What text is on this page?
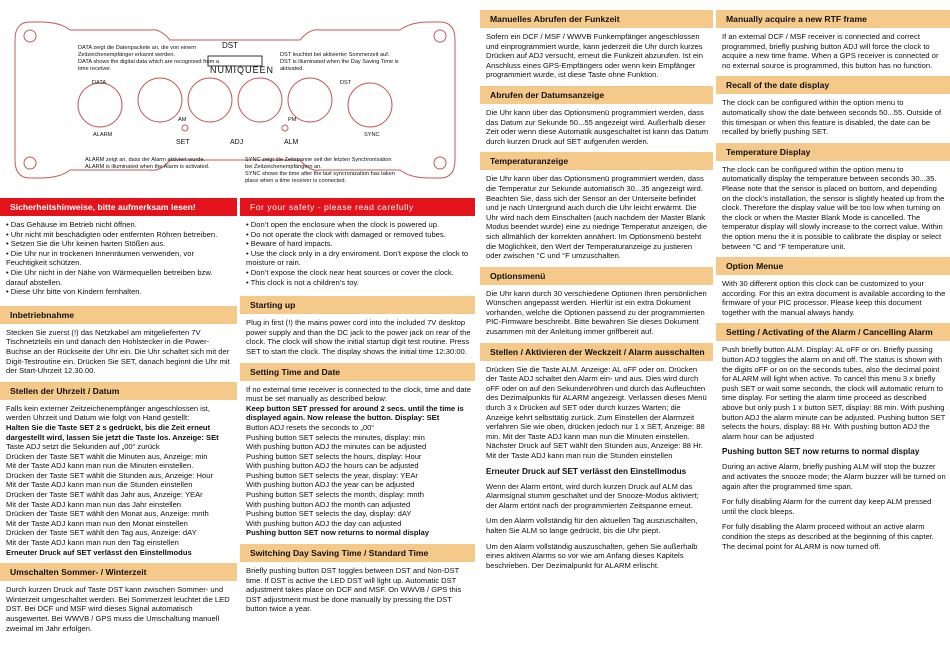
DST
NUMIQUEEN
DATA	DST
ALARM
AM	PM
SYNC
SET	ADJ	ALM
DATA zeigt die Datenpackete an, die von einem Zeitzeichenempfänger erkannt werden.
DATA shows the digital data which are recognised from a time receiver.
DST leuchtet bei aktivierter Sommerzeit auf.
DST is illuminated when the Day Saving Time is aktivated.
ALARM zeigt an, dass der Alarm aktiviert wurde.
ALARM is illuminated when the Alarm is activated.
SYNC zeigt die Zeitspanne seit der letzten Synchronisation bei Zeitzeichenempfängern an.
SYNC shows the time after the last syncronization has taken place when a time receiver is connected.
Sicherheitshinweise, bitte aufmerksam lesen!
• Das Gehäuse im Betrieb nicht öffnen.
• Uhr nicht mit beschädigten oder entfernten Röhren betreiben.
• Setzen Sie die Uhr keinen harten Stößen aus.
• Die Uhr nur in trockenen Innenräumen verwenden, vor Feuchtigkeit schützen.
• Die Uhr nicht in der Nähe von Wärmequellen betreiben bzw. darauf abstellen.
• Diese Uhr bitte von Kindern fernhalten.
Inbetriebnahme
Stecken Sie zuerst (!) das Netzkabel am mitgelieferten 7V Tischnetzteils ein und danach den Hohlstecker in die Power-Buchse an der Rückseite der Uhr ein. Die Uhr schaltet sich mit der Digit-Testroutine ein. Drücken Sie SET, danach beginnt die Uhr mit der Start-Uhrzeit 12.30.00.
Stellen der Uhrzeit / Datum
Falls kein externer Zeitzeichenempfänger angeschlossen ist, werden Uhrzeit und Datum wie folgt von Hand gestellt:
Halten Sie die Taste SET 2 s gedrückt, bis die Zeit erneut dargestellt wird, lassen Sie jetzt die Taste los. Anzeige: SEt
Taste ADJ setzt die Sekunden auf „00“ zurück
Drücken der Taste SET wählt die Minuten aus, Anzeige: min
Mit der Taste ADJ kann man nun die Minuten einstellen.
Drücken der Taste SET wählt die Stunden aus, Anzeige: Hour
Mit der Taste ADJ kann man nun die Stunden einstellen
Drücken der Taste SET wählt das Jahr aus, Anzeige: YEAr
Mit der Taste ADJ kann man nun das Jahr einstellen
Drücken der Taste SET wählt den Monat aus, Anzeige: mnth
Mit der Taste ADJ kann man nun den Monat einstellen
Drücken der Taste SET wählt den Tag aus, Anzeige: dAY
Mit der Taste ADJ kann man nun den Tag einstellen
Erneuter Druck auf SET verlässt den Einstellmodus
Umschalten Sommer- / Winterzeit
Durch kurzen Druck auf Taste DST kann zwischen Sommer- und Winterzeit umgeschaltet werden. Bei Sommerzeit leuchtet die LED DST. Bei DCF und MSF wird dieses Signal automatisch ausgewertet. Bei WWVB / GPS muss die Umschaltung manuell zweimal im Jahr erfolgen.
For your safety - please read carefully
• Don’t open the enclosure when the clock is powered up.
• Do not operate the clock with damaged or removed tubes.
• Beware of hard impacts.
• Use the clock only in a dry enviroment. Don’t expose the clock to moisture or rain.
• Don’t expose the clock near heat sources or cover the clock.
• This clock is not a children’s toy.
Starting up
Plug in first (!) the mains power cord into the included 7V desktop power supply and than the DC jack to the power jack on rear of the clock. The clock will show the initial startup digit test routine. Press SET to start the clock. The display shows the initial time 12:30:00.
Setting Time and Date
If no external time receiver is connected to the clock, time and date must be set manually as described below:
Keep button SET pressed for around 2 secs. until the time is displayed again. Now release the button. Display: SEt
Button ADJ resets the seconds to „00“
Pushing button SET selects the minutes, display: min
With pushing button ADJ the minutes can be adjusted
Pushing button SET selects the hours, display: Hour
With pushing button ADJ the hours can be adjusted
Pushing button SET selects the year, display: YEAr
With pushing button ADJ the year can be adjusted
Pushing button SET selects the month, display: mnth
With pushing button ADJ the month can adjusted
Pushing button SET selects the day, display: dAY
With pushing button ADJ the day can adjusted
Pushing button SET now returns to normal display
Switching Day Saving Time / Standard Time
Briefly pushing button DST toggles between DST and Non-DST time. If DST is active the LED DST will light up. Automatic DST adjustment takes place on DCF and MSF. On WWVB / GPS this DST adjustment must be done manually by pressing the DST button twice a year.
Manuelles Abrufen der Funkzeit
Sofern ein DCF / MSF / WWVB Funkempfänger angeschlossen und einprogrammiert wurde, kann jederzeit die Uhr durch kurzes Drücken auf ADJ versucht, erneut die Funkzeit abzurufen. Ist ein Anschluss eines GPS-Empfängers oder wenn kein Empfänger programmiert wurde, ist diese Taste ohne Funktion.
Abrufen der Datumsanzeige
Die Uhr kann über das Optionsmenü programmiert werden, dass das Datum zur Sekunde 50...55 angezeigt wird. Außerhalb dieser Zeit oder wenn diese Automatik ausgeschaltet ist kann das Datum durch kurzen Druck auf SET aufgerufen werden.
Temperaturanzeige
Die Uhr kann über das Optionsmenü programmiert werden, dass die Temperatur zur Sekunde automatisch 30...35 angezeigt wird. Beachten Sie, dass sich der Sensor an der Unterseite befindet und je nach Untergrund auch durch die Uhr leicht erwärmt. Die Uhr wird nach dem Einschalten (auch nachdem der Master Blank Modus beendet wurde) eine zu niedrige Temperatur anzeigen, die sich allmählich der korrekten annähert. Im Optionsmenü besteht die Möglichkeit, den Wert der Temperaturanzeige zu justieren oder zwischen °C und °F umzuschalten.
Optionsmenü
Die Uhr kann durch 30 verschiedene Optionen Ihren persönlichen Wünschen angepasst werden. Hierfür ist ein extra Dokument vorhanden, welche die Optionen passend zu der programmierten PIC-Firmware beschreibt. Bitte bewahren Sie dieses Dokument zusammen mit der Anleitung immer griffbereit auf.
Stellen / Aktivieren der Weckzeit / Alarm ausschalten
Drücken Sie die Taste ALM. Anzeige: AL oFF oder on. Drücken der Taste ADJ schaltet den Alarm ein- und aus. Dies wird durch oFF oder on auf den Sekundenröhren und durch das Aufleuchten des Dezimalpunkts für ALARM angezeigt. Verlassen dieses Menü durch 3 x Drücken auf SET oder durch kurzes Warten; die Anzeige kehrt selbsttätig zurück. Zum Einstellen der Alarmzeit verfahren Sie wie oben, drücken jedoch nur 1 x SET, Anzeige: 88 min. Mit der Taste ADJ kann man nun die Minuten einstellen. Nächster Druck auf SET wählt den Stunden aus, Anzeige: 88 Hr. Mit der Taste ADJ kann man nun die Stunden einstellen
Erneuter Druck auf SET verlässt den Einstellmodus
Wenn der Alarm ertönt, wird durch kurzen Druck auf ALM das Alarmsignal stumm geschaltet und der Snooze-Modus aktiviert; der Alarm ertönt nach der programmierten Zeitspanne erneut.
Um den Alarm vollständig für den aktuellen Tag auszuschalten, halten Sie ALM so lange gedrückt, bis die Uhr piept.
Um den Alarm vollständig auszuschalten, gehen Sie außerhalb eines aktiven Alarms so vor wie am Anfang dieses Kapitels beschrieben. Der Dezimalpunkt für ALARM erlischt.
Manually acquire a new RTF frame
If an external DCF / MSF receiver is connected and correct programmed, briefly pushing button ADJ will force the clock to acquire a new time frame. When a GPS receiver is connected or no external source is programmed, this button has no function.
Recall of the date display
The clock can be configured within the option menu to automatically show the date between seconds 50...55. Outside of this timespan or when this feature is disabled, the date can be recalled by briefly pushing SET.
Temperature Display
The clock can be configured within the option menu to automatically display the temperature between seconds 30...35. Please note that the sensor is placed on bottom, and depending on the clock’s installation, the sensor is slightly heated up from the clock. Therefore the display value will be too low when turning on the clock or when the Master Blank Mode is cancelled. The temperatur display will slowly increase to the correct value. Within the option menu the it is possible to calibrate the display or select between °C and °F temperature unit.
Option Menue
With 30 different option this clock can be customized to your according. For this an extra document is available according to the firmware of your PIC processor. Please keep this document together with the manual always handy.
Setting / Activating of the Alarm / Cancelling Alarm
Push briefly button ALM. Display: AL oFF or on. Briefly pussing button ADJ toggles the alarm on and off. The status is shown with the digits oFF or on on the seconds tubes, also the decimal point for ALARM will light when active. To cancel this menu 3 x briefly push SET or wait some seconds, the clock will automatic return to time display. For setting the alarm time proceed as described above but only push 1 x button SET, display: 88 min. With pushing button ADJ the alarm minute can be adjusted. Pushing button SET selects the hours, display: 88 Hr. With pushing button ADJ the alarm hour can be adjusted
Pushing button SET now returns to normal display
During an active Alarm, briefly pushing ALM will stop the buzzer and activates the snooze mode; the Alarm buzzer will be turned on again after the programmed time span.
For fully disabling Alarm for the current day keep ALM pressed until the clock bleeps.
For fully disabling the Alarm proceed without an active alarm condition the steps as described at the beginning of this capter. The decimal point for ALARM is now turned off.
